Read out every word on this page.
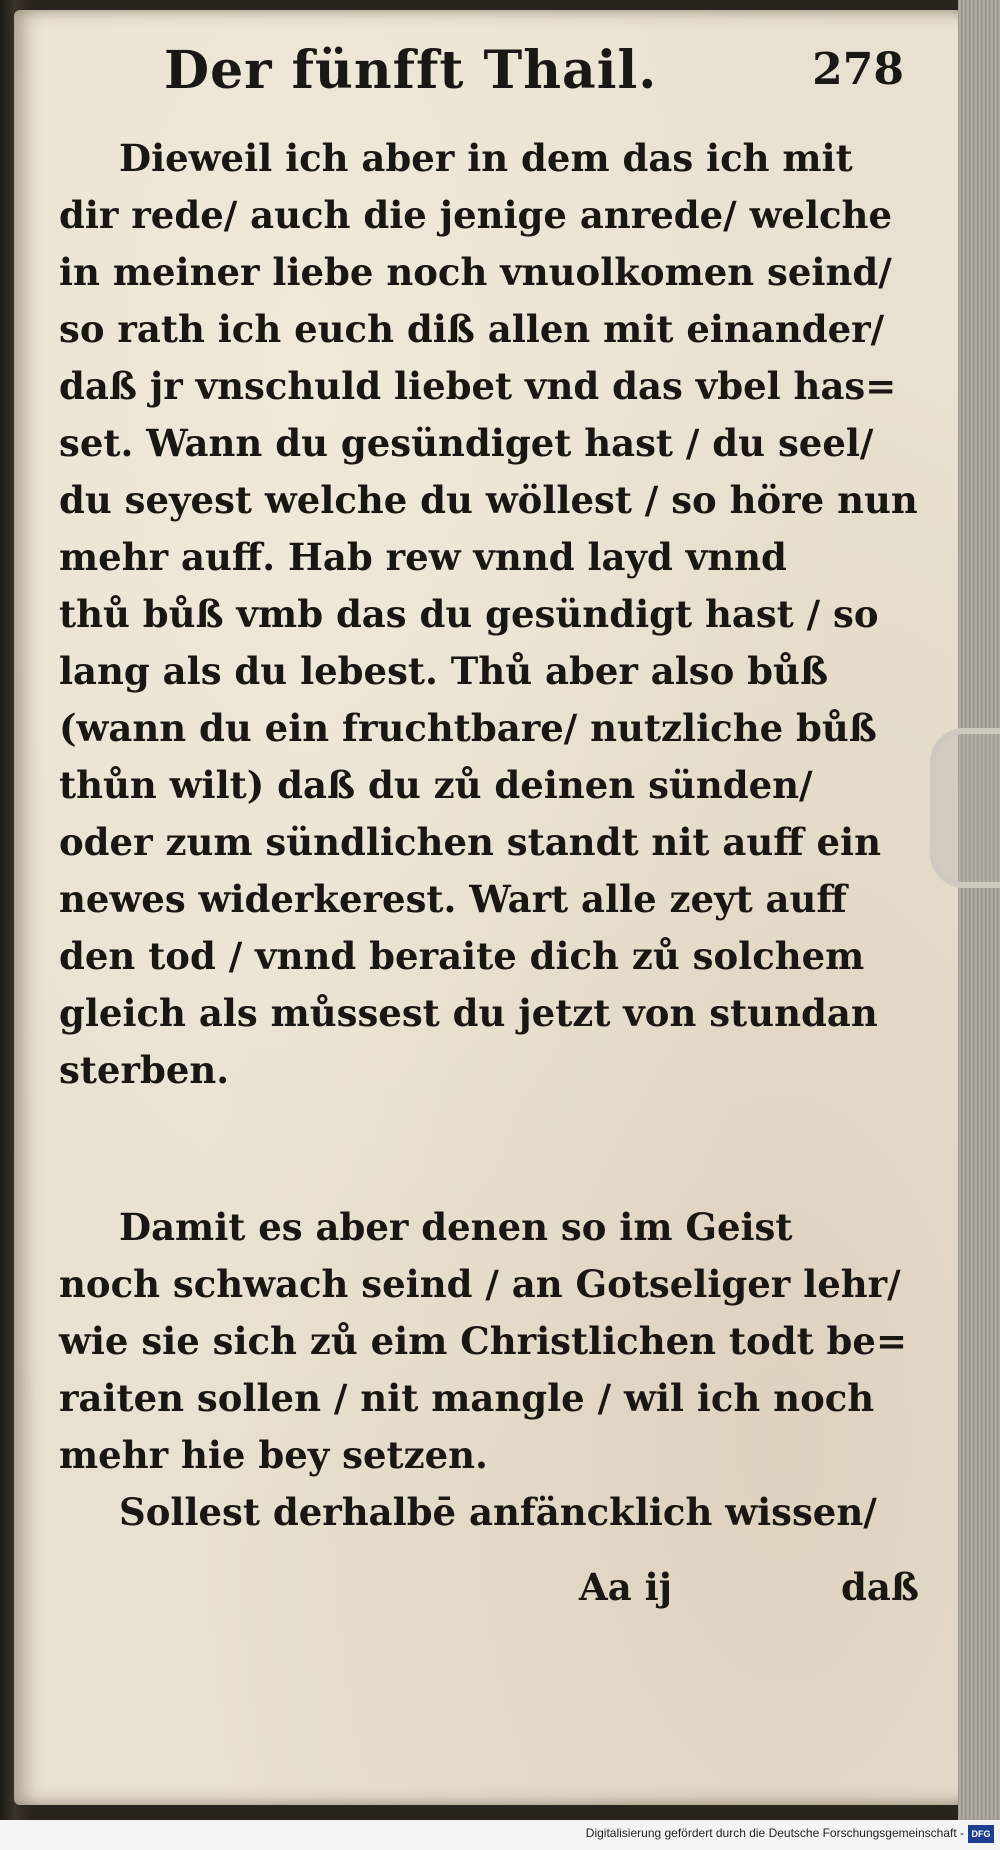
Der fünfft Thail.	278
Dieweil ich aber in dem das ich mit
dir rede/ auch die jenige anrede/ welche
in meiner liebe noch vnuolkomen seind/
so rath ich euch diß allen mit einander/
daß jr vnschuld liebet vnd das vbel has=
set. Wann du gesündiget hast / du seel/
du seyest welche du wöllest / so höre nun
mehr auff. Hab rew vnnd layd vnnd
thů bůß vmb das du gesündigt hast / so
lang als du lebest. Thů aber also bůß
(wann du ein fruchtbare/ nutzliche bůß
thůn wilt) daß du zů deinen sünden/
oder zum sündlichen standt nit auff ein
newes widerkerest. Wart alle zeyt auff
den tod / vnnd beraite dich zů solchem
gleich als můssest du jetzt von stundan
sterben.
Damit es aber denen so im Geist
noch schwach seind / an Gotseliger lehr/
wie sie sich zů eim Christlichen todt be=
raiten sollen / nit mangle / wil ich noch
mehr hie bey setzen.
Sollest derhalbē anfäncklich wissen/
Aa ij	daß
Digitalisierung gefördert durch die Deutsche Forschungsgemeinschaft - DFG
